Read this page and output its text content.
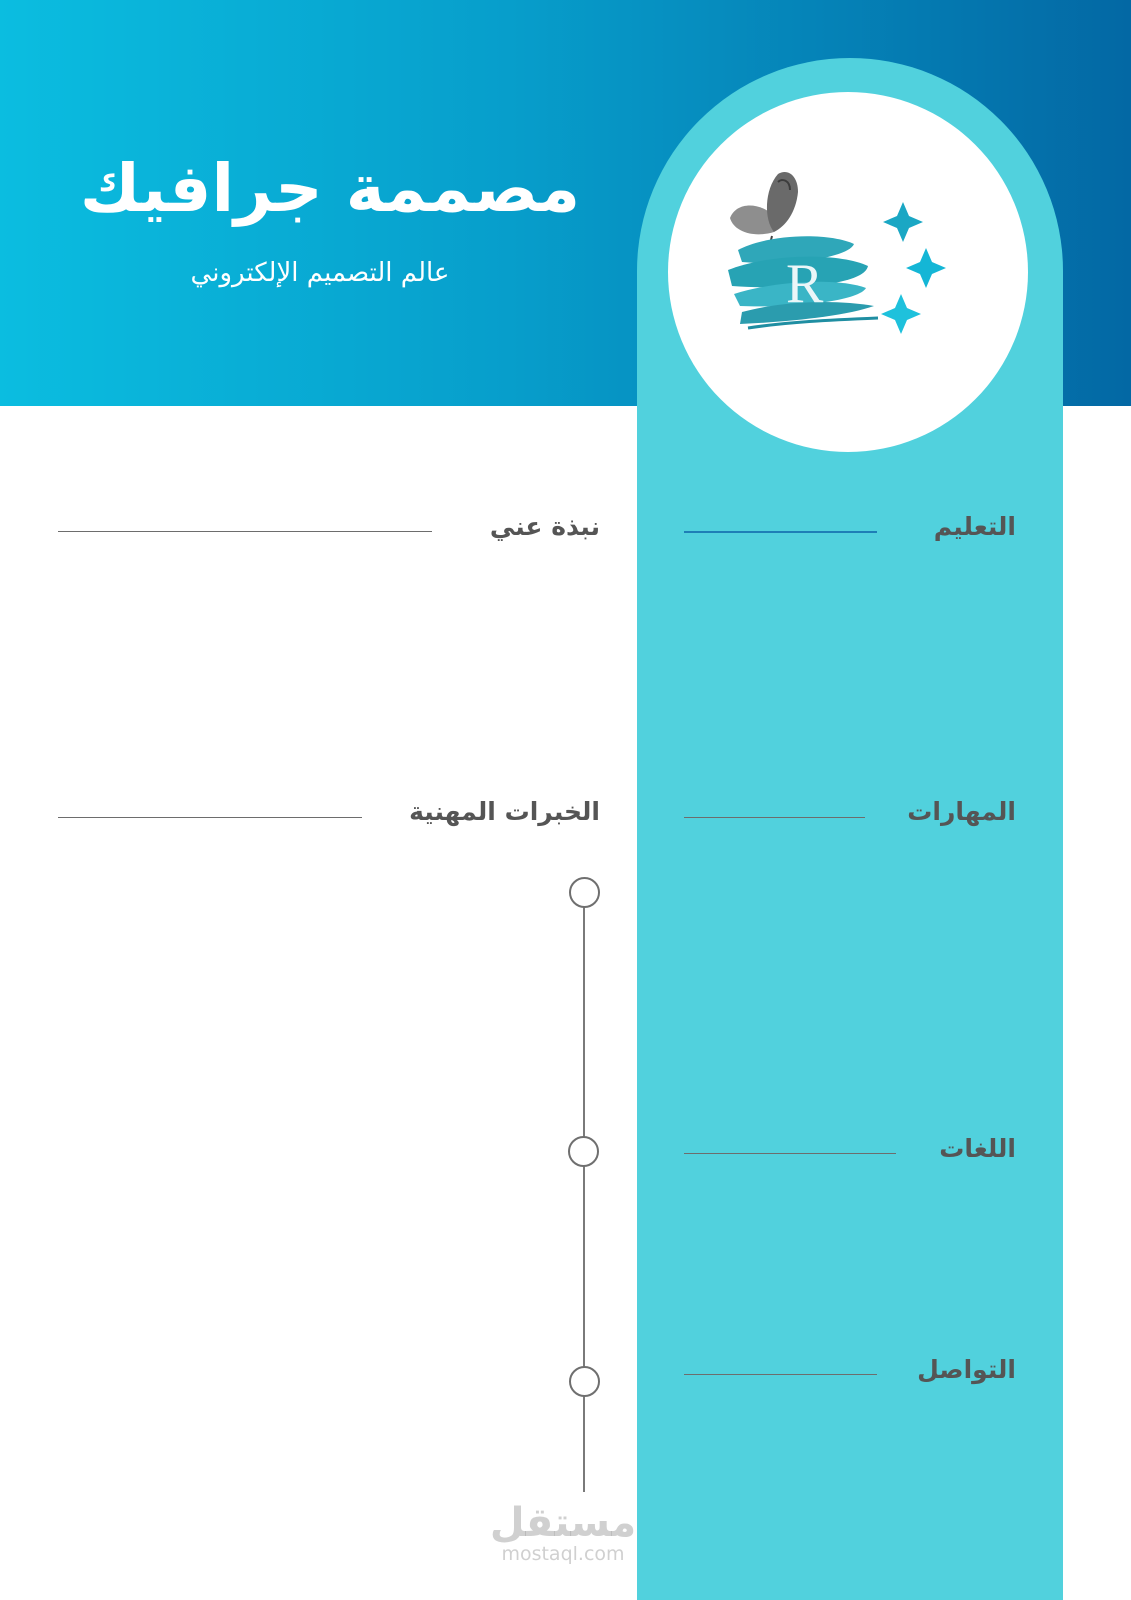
R
مصممة جرافيك
عالم التصميم الإلكتروني
التعليم
المهارات
اللغات
التواصل
نبذة عني
الخبرات المهنية
مستقل
mostaql.com
